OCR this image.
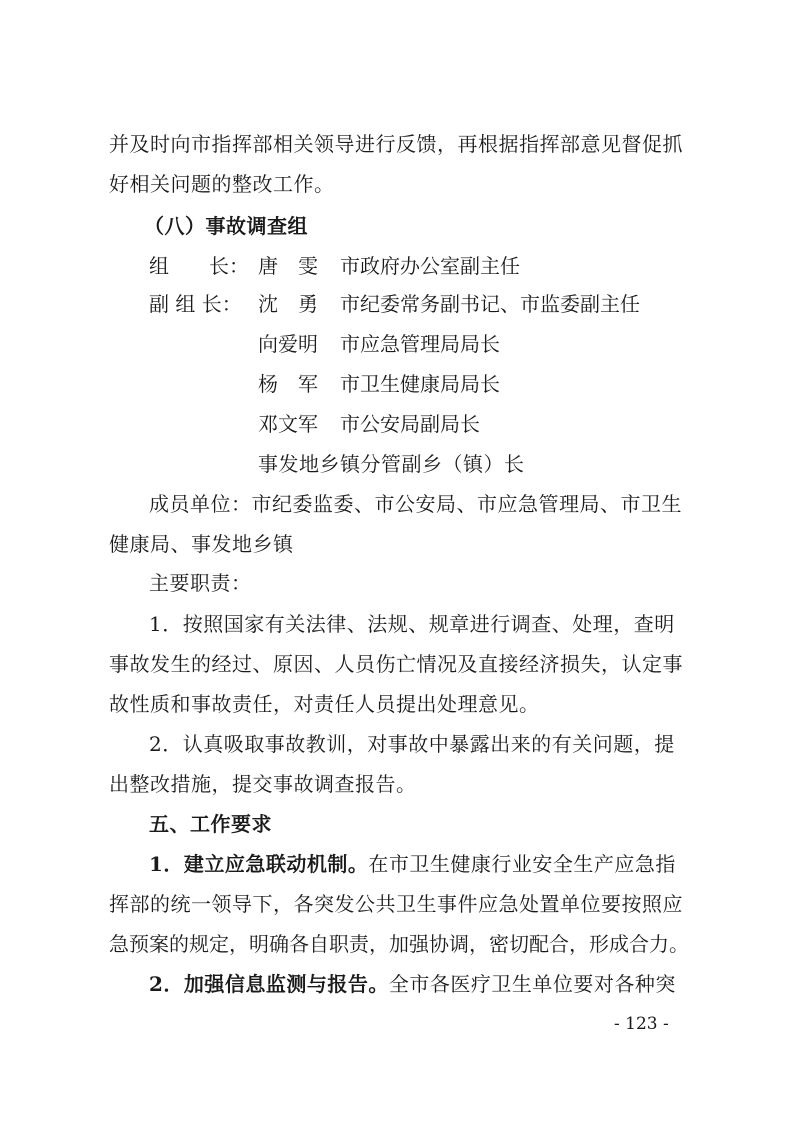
并及时向市指挥部相关领导进行反馈，再根据指挥部意见督促抓
好相关问题的整改工作。
（八）事故调查组
组　　长： 唐　雯 市政府办公室副主任
副 组 长： 沈　勇 市纪委常务副书记、市监委副主任
向爱明 市应急管理局局长
杨　军 市卫生健康局局长
邓文军 市公安局副局长
事发地乡镇分管副乡（镇）长
成员单位：市纪委监委、市公安局、市应急管理局、市卫生
健康局、事发地乡镇
主要职责：
1．按照国家有关法律、法规、规章进行调查、处理，查明
事故发生的经过、原因、人员伤亡情况及直接经济损失，认定事
故性质和事故责任，对责任人员提出处理意见。
2．认真吸取事故教训，对事故中暴露出来的有关问题，提
出整改措施，提交事故调查报告。
五、工作要求
1．建立应急联动机制。在市卫生健康行业安全生产应急指
挥部的统一领导下，各突发公共卫生事件应急处置单位要按照应
急预案的规定，明确各自职责，加强协调，密切配合，形成合力。
2．加强信息监测与报告。全市各医疗卫生单位要对各种突
- 123 -
